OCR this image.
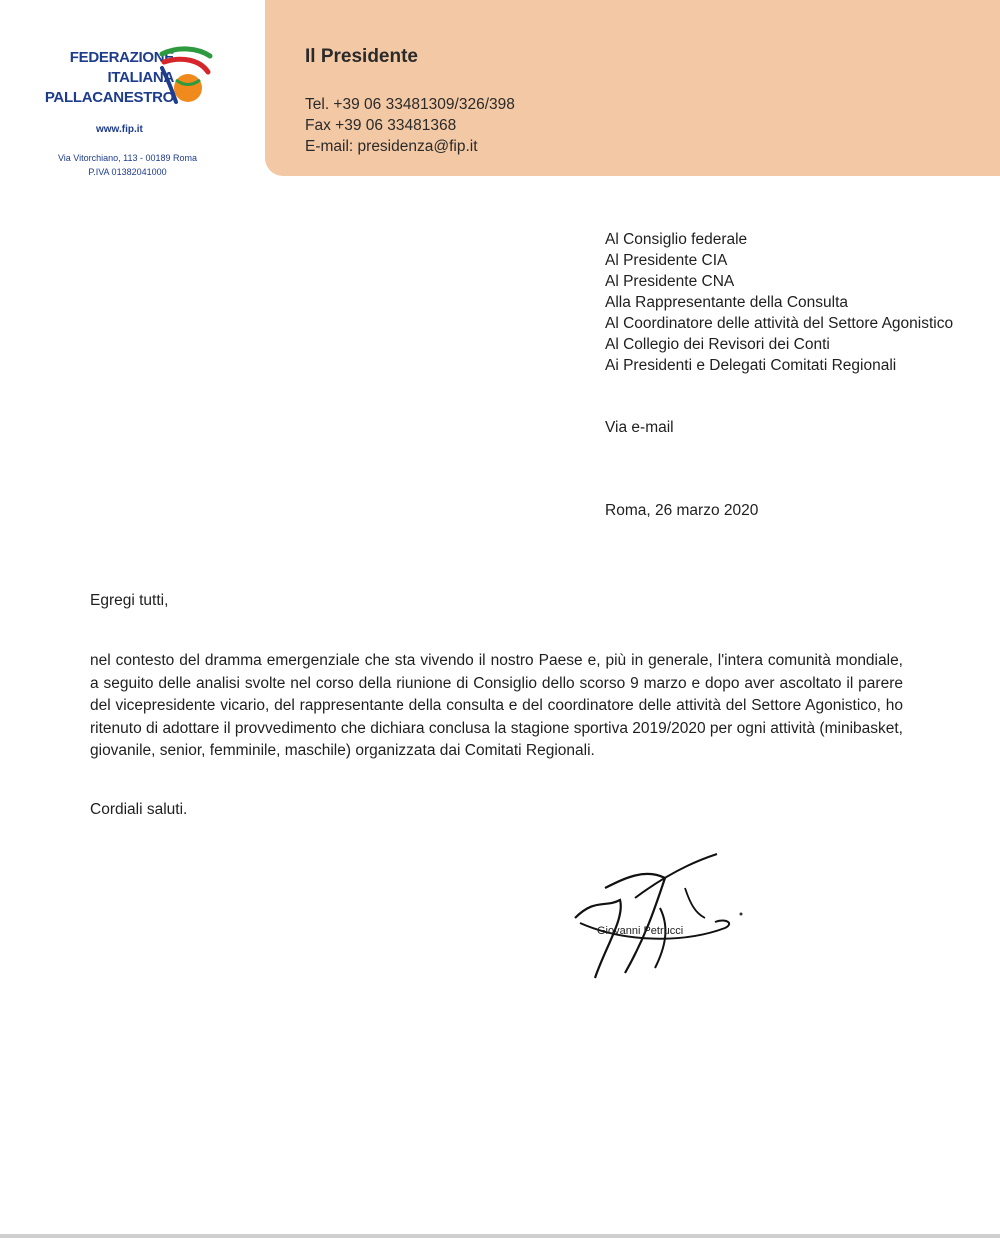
FEDERAZIONE
ITALIANA
PALLACANESTRO
www.fip.it
Via Vitorchiano, 113 - 00189 Roma
P.IVA 01382041000
Il Presidente
Tel. +39 06 33481309/326/398
Fax +39 06 33481368
E-mail: presidenza@fip.it
Al Consiglio federale
Al Presidente CIA
Al Presidente CNA
Alla Rappresentante della Consulta
Al Coordinatore delle attività del Settore Agonistico
Al Collegio dei Revisori dei Conti
Ai Presidenti e Delegati Comitati Regionali
Via e-mail
Roma, 26 marzo 2020
Egregi tutti,
nel contesto del dramma emergenziale che sta vivendo il nostro Paese e, più in generale, l'intera comunità mondiale, a seguito delle analisi svolte nel corso della riunione di Consiglio dello scorso 9 marzo e dopo aver ascoltato il parere del vicepresidente vicario, del rappresentante della consulta e del coordinatore delle attività del Settore Agonistico, ho ritenuto di adottare il provvedimento che dichiara conclusa la stagione sportiva 2019/2020 per ogni attività (minibasket, giovanile, senior, femminile, maschile) organizzata dai Comitati Regionali.
Cordiali saluti.
Giovanni Petrucci
